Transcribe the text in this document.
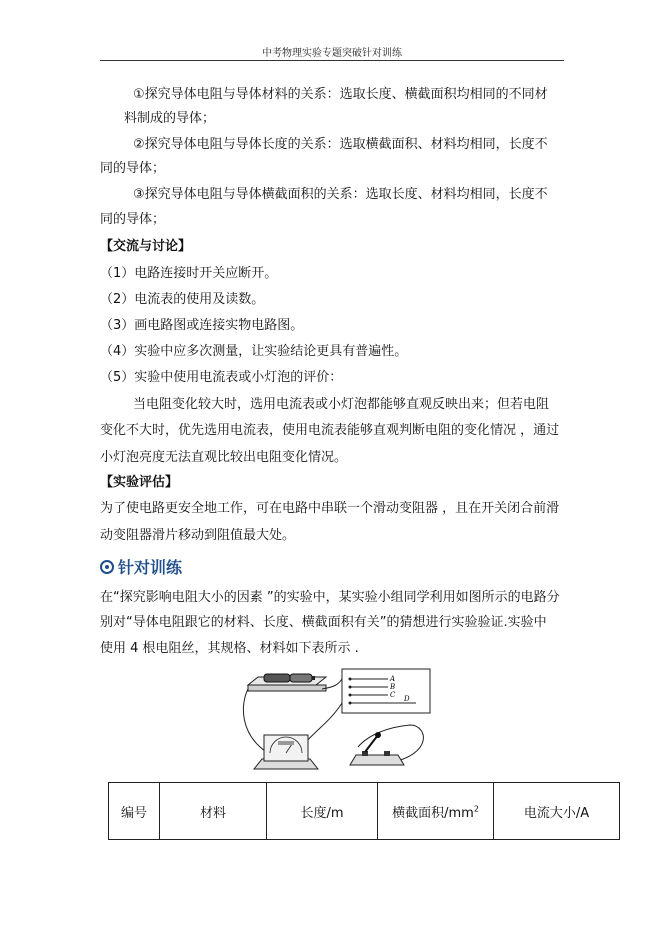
中考物理实验专题突破针对训练
①探究导体电阻与导体材料的关系：选取长度、横截面积均相同的不同材
料制成的导体；
②探究导体电阻与导体长度的关系：选取横截面积、材料均相同，长度不
同的导体；
③探究导体电阻与导体横截面积的关系：选取长度、材料均相同，长度不
同的导体；
【交流与讨论】
（1）电路连接时开关应断开。
（2）电流表的使用及读数。
（3）画电路图或连接实物电路图。
（4）实验中应多次测量，让实验结论更具有普遍性。
（5）实验中使用电流表或小灯泡的评价：
当电阻变化较大时，选用电流表或小灯泡都能够直观反映出来；但若电阻
变化不大时，优先选用电流表，使用电流表能够直观判断电阻的变化情况 ，通过
小灯泡亮度无法直观比较出电阻变化情况。
【实验评估】
为了使电路更安全地工作，可在电路中串联一个滑动变阻器 ，且在开关闭合前滑
动变阻器滑片移动到阻值最大处。
针对训练
在“探究影响电阻大小的因素 ”的实验中，某实验小组同学利用如图所示的电路分
别对“导体电阻跟它的材料、长度、横截面积有关”的猜想进行实验验证.实验中
使用 4 根电阻丝，其规格、材料如下表所示 .
A
B
C D
编号	材料	长度/m	横截面积$/mm^2$	电流大小/A
